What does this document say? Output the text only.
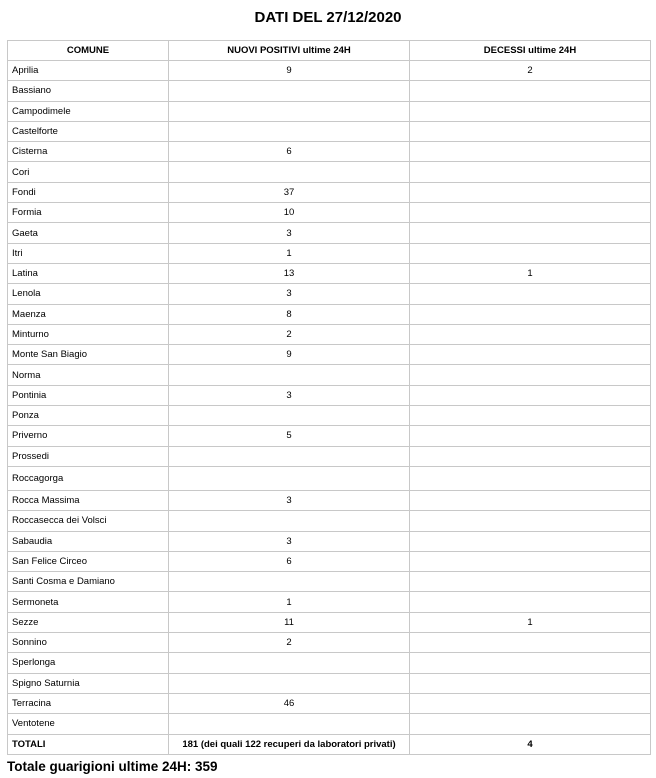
DATI DEL 27/12/2020
COMUNE	NUOVI POSITIVI ultime 24H	DECESSI ultime 24H
Aprilia	9	2
Bassiano		
Campodimele		
Castelforte		
Cisterna	6	
Cori		
Fondi	37	
Formia	10	
Gaeta	3	
Itri	1	
Latina	13	1
Lenola	3	
Maenza	8	
Minturno	2	
Monte San Biagio	9	
Norma		
Pontinia	3	
Ponza		
Priverno	5	
Prossedi		
Roccagorga		
Rocca Massima	3	
Roccasecca dei Volsci		
Sabaudia	3	
San Felice Circeo	6	
Santi Cosma e Damiano		
Sermoneta	1	
Sezze	11	1
Sonnino	2	
Sperlonga		
Spigno Saturnia		
Terracina	46	
Ventotene		
TOTALI	181 (dei quali 122 recuperi da laboratori privati)	4
Totale guarigioni ultime 24H: 359
